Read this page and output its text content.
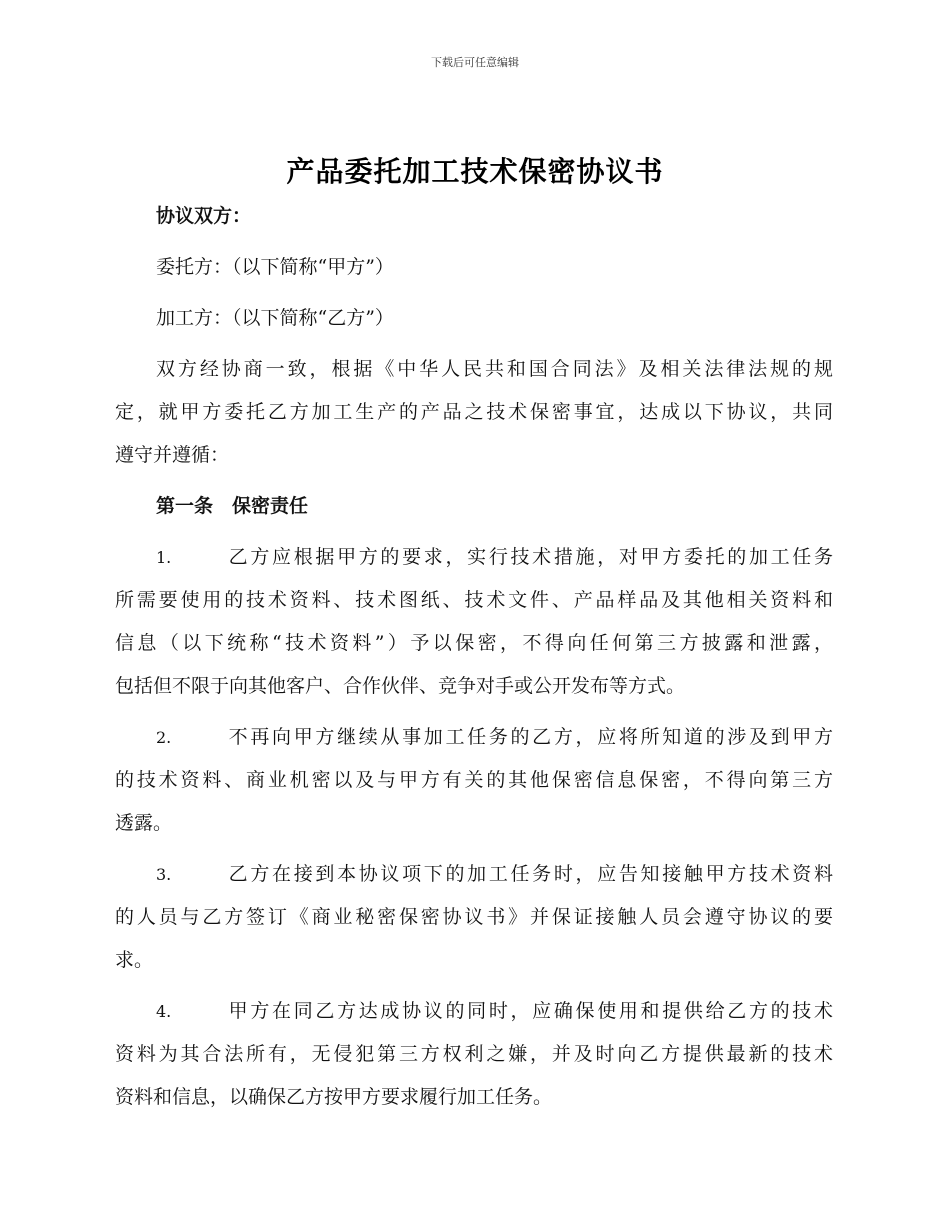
下载后可任意编辑
产品委托加工技术保密协议书
协议双方：
委托方：（以下简称“甲方”）
加工方：（以下简称“乙方”）
双方经协商一致，根据《中华人民共和国合同法》及相关法律法规的规
定，就甲方委托乙方加工生产的产品之技术保密事宜，达成以下协议，共同
遵守并遵循：
第一条　保密责任
1.	乙方应根据甲方的要求，实行技术措施，对甲方委托的加工任务
所需要使用的技术资料、技术图纸、技术文件、产品样品及其他相关资料和
信息（以下统称“技术资料”）予以保密，不得向任何第三方披露和泄露，
包括但不限于向其他客户、合作伙伴、竞争对手或公开发布等方式。
2.	不再向甲方继续从事加工任务的乙方，应将所知道的涉及到甲方
的技术资料、商业机密以及与甲方有关的其他保密信息保密，不得向第三方
透露。
3.	乙方在接到本协议项下的加工任务时，应告知接触甲方技术资料
的人员与乙方签订《商业秘密保密协议书》并保证接触人员会遵守协议的要
求。
4.	甲方在同乙方达成协议的同时，应确保使用和提供给乙方的技术
资料为其合法所有，无侵犯第三方权利之嫌，并及时向乙方提供最新的技术
资料和信息，以确保乙方按甲方要求履行加工任务。
